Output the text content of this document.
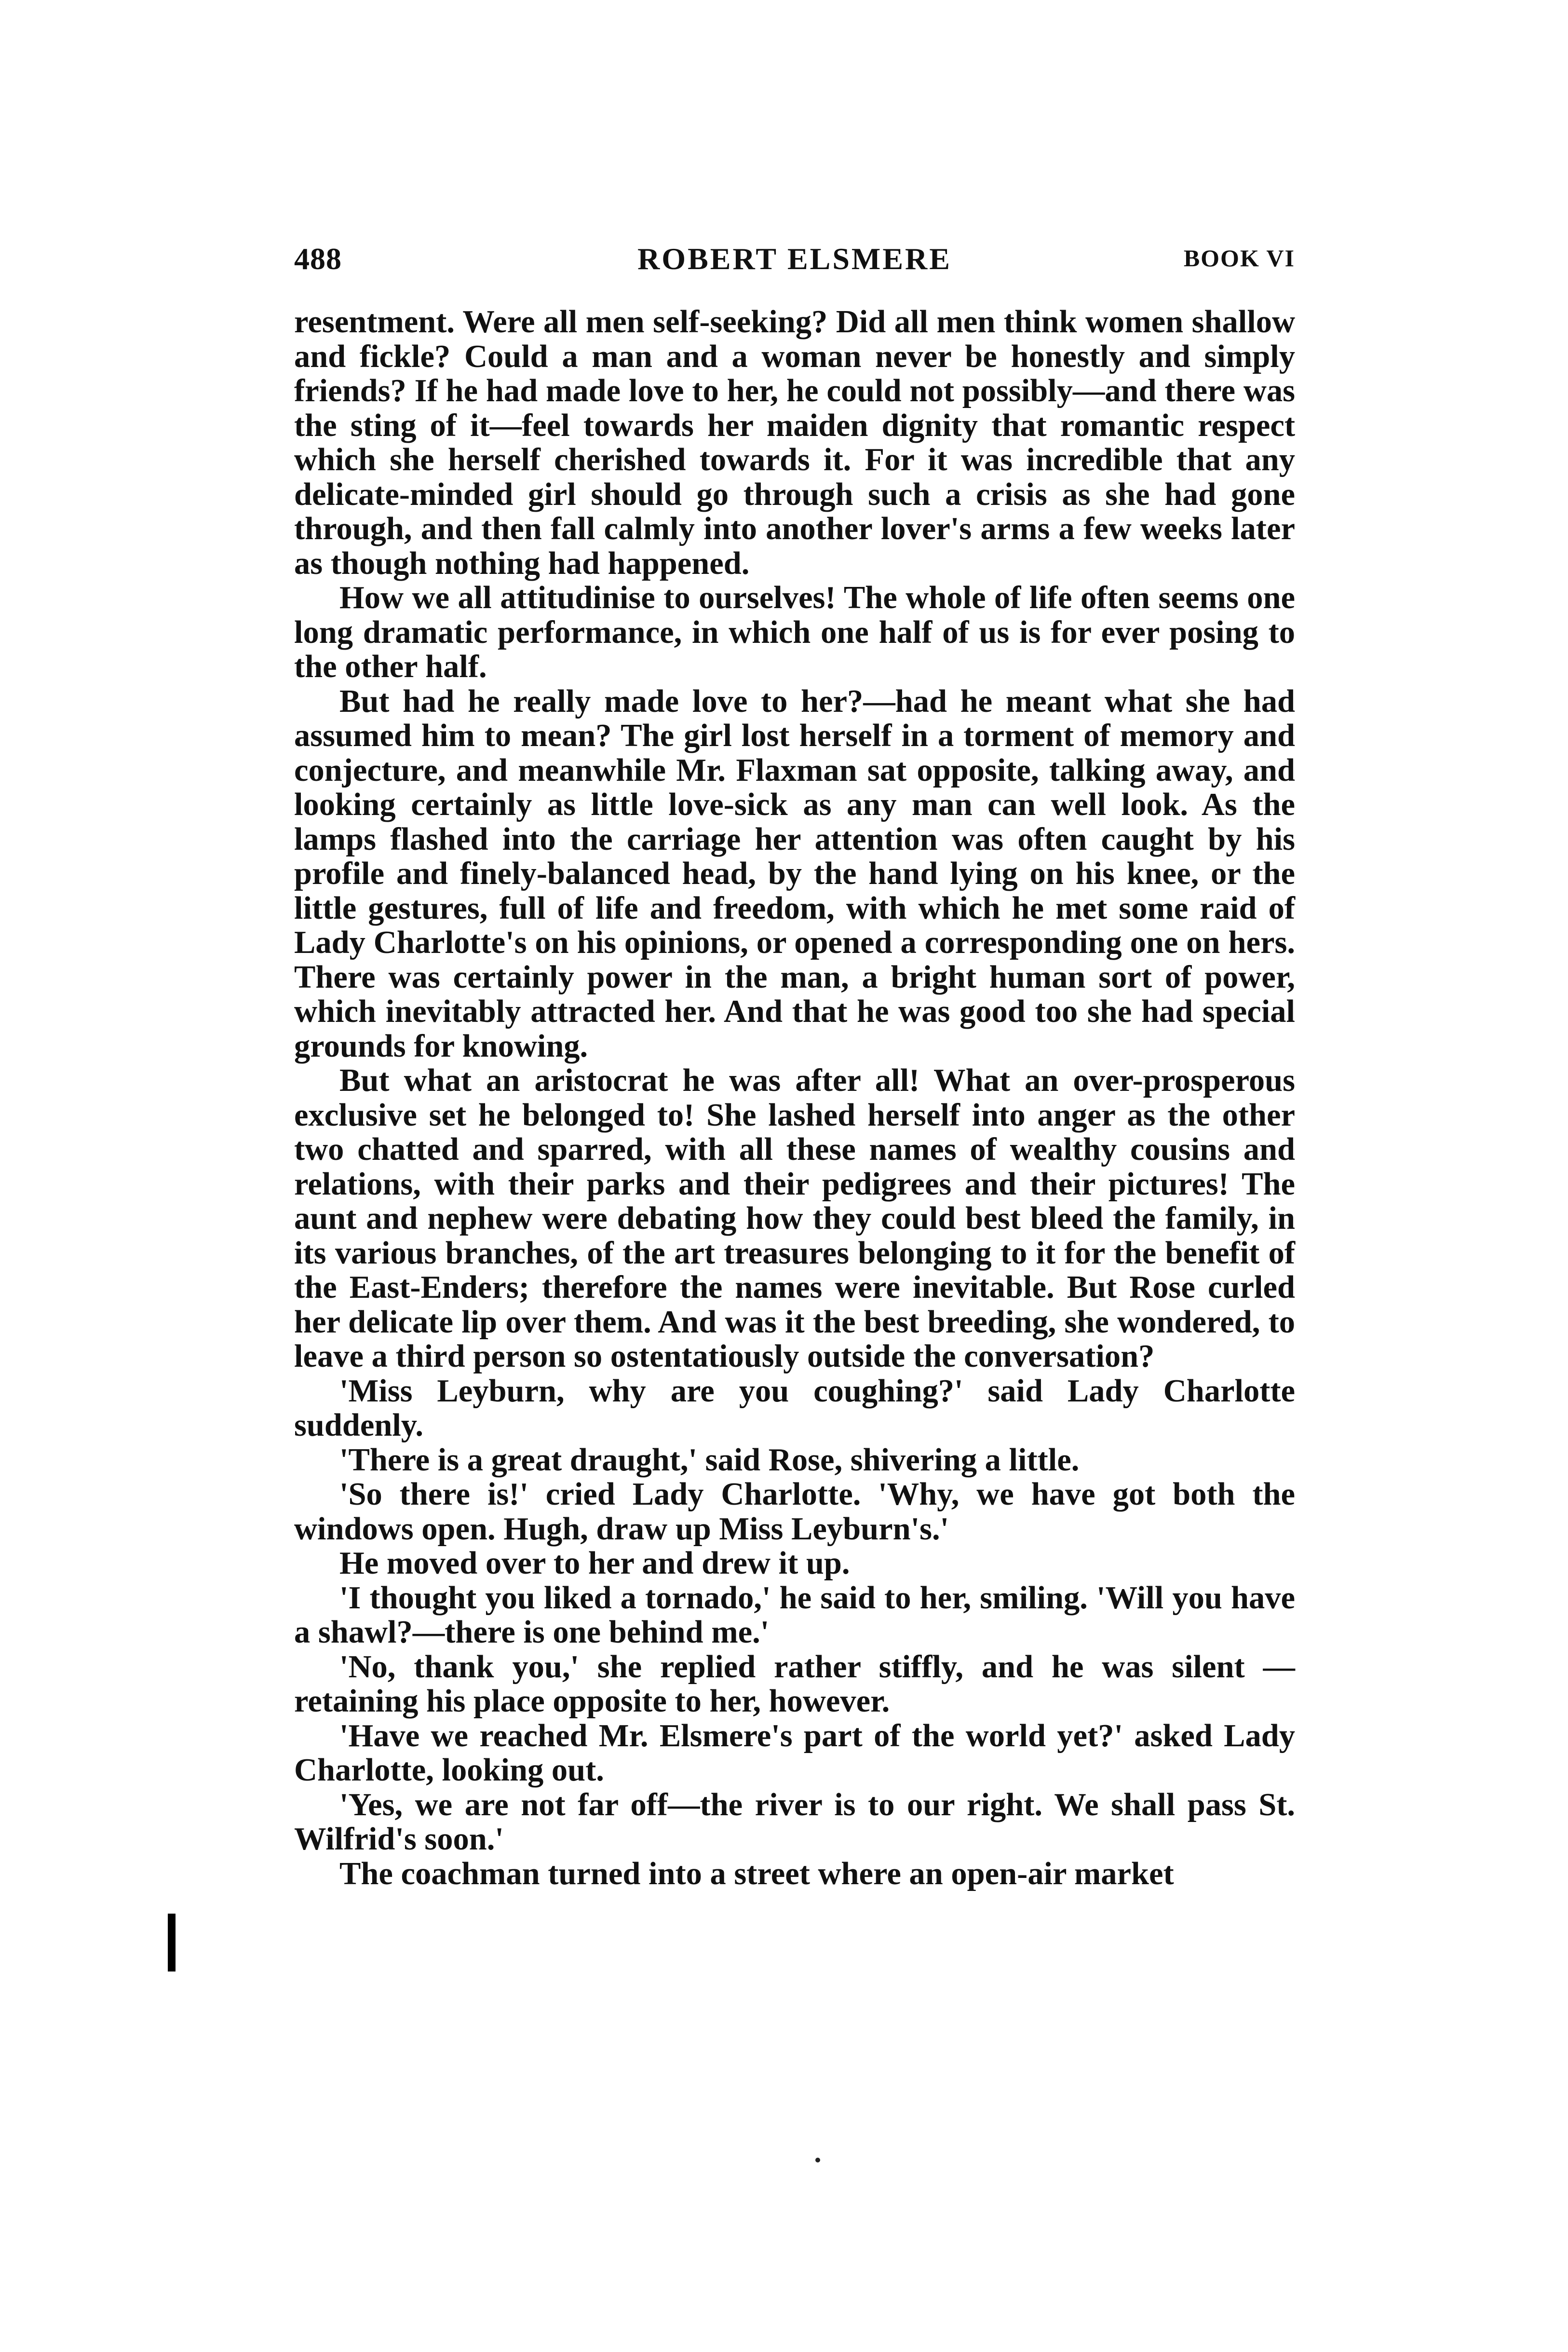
488	ROBERT ELSMERE	BOOK VI

resentment. Were all men self-seeking? Did all men think women shallow and fickle? Could a man and a woman never be honestly and simply friends? If he had made love to her, he could not possibly—and there was the sting of it—feel towards her maiden dignity that romantic respect which she herself cherished towards it. For it was incredible that any delicate-minded girl should go through such a crisis as she had gone through, and then fall calmly into another lover's arms a few weeks later as though nothing had happened.

How we all attitudinise to ourselves! The whole of life often seems one long dramatic performance, in which one half of us is for ever posing to the other half.

But had he really made love to her?—had he meant what she had assumed him to mean? The girl lost herself in a torment of memory and conjecture, and meanwhile Mr. Flaxman sat opposite, talking away, and looking certainly as little love-sick as any man can well look. As the lamps flashed into the carriage her attention was often caught by his profile and finely-balanced head, by the hand lying on his knee, or the little gestures, full of life and freedom, with which he met some raid of Lady Charlotte's on his opinions, or opened a corresponding one on hers. There was certainly power in the man, a bright human sort of power, which inevitably attracted her. And that he was good too she had special grounds for knowing.

But what an aristocrat he was after all! What an over-prosperous exclusive set he belonged to! She lashed herself into anger as the other two chatted and sparred, with all these names of wealthy cousins and relations, with their parks and their pedigrees and their pictures! The aunt and nephew were debating how they could best bleed the family, in its various branches, of the art treasures belonging to it for the benefit of the East-Enders; therefore the names were inevitable. But Rose curled her delicate lip over them. And was it the best breeding, she wondered, to leave a third person so ostentatiously outside the conversation?

'Miss Leyburn, why are you coughing?' said Lady Charlotte suddenly.

'There is a great draught,' said Rose, shivering a little.

'So there is!' cried Lady Charlotte. 'Why, we have got both the windows open. Hugh, draw up Miss Leyburn's.'

He moved over to her and drew it up.

'I thought you liked a tornado,' he said to her, smiling. 'Will you have a shawl?—there is one behind me.'

'No, thank you,' she replied rather stiffly, and he was silent —retaining his place opposite to her, however.

'Have we reached Mr. Elsmere's part of the world yet?' asked Lady Charlotte, looking out.

'Yes, we are not far off—the river is to our right. We shall pass St. Wilfrid's soon.'

The coachman turned into a street where an open-air market
